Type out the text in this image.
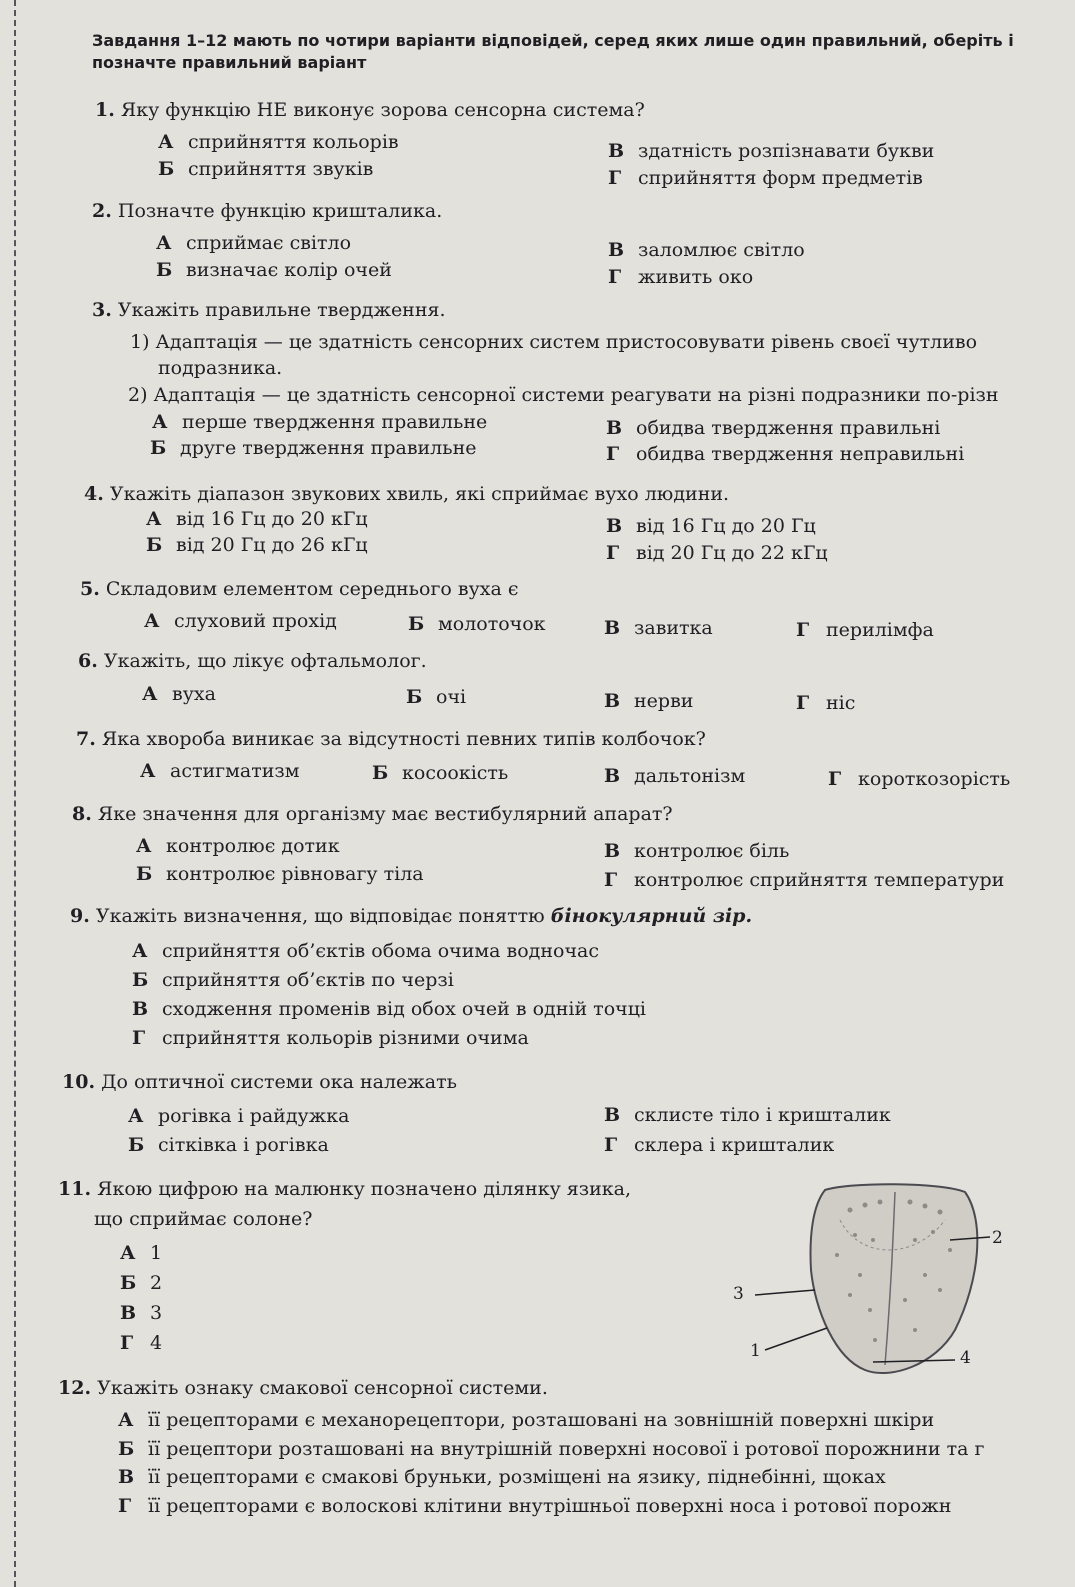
Завдання 1–12 мають по чотири варіанти відповідей, серед яких лише один правильний, оберіть і позначте правильний варіант
1. Яку функцію НЕ виконує зорова сенсорна система?
А сприйняття кольорів
Б сприйняття звуків
В здатність розпізнавати букви
Г сприйняття форм предметів
2. Позначте функцію кришталика.
А сприймає світло
Б визначає колір очей
В заломлює світло
Г живить око
3. Укажіть правильне твердження.
1) Адаптація — це здатність сенсорних систем пристосовувати рівень своєї чутливо
подразника.
2) Адаптація — це здатність сенсорної системи реагувати на різні подразники по-різн
А перше твердження правильне
Б друге твердження правильне
В обидва твердження правильні
Г обидва твердження неправильні
4. Укажіть діапазон звукових хвиль, які сприймає вухо людини.
А від 16 Гц до 20 кГц
Б від 20 Гц до 26 кГц
В від 16 Гц до 20 Гц
Г від 20 Гц до 22 кГц
5. Складовим елементом середнього вуха є
А слуховий прохід	Б молоточок	В завитка	Г перилімфа
6. Укажіть, що лікує офтальмолог.
А вуха	Б очі	В нерви	Г ніс
7. Яка хвороба виникає за відсутності певних типів колбочок?
А астигматизм	Б косоокість	В дальтонізм	Г короткозорість
8. Яке значення для організму має вестибулярний апарат?
А контролює дотик
Б контролює рівновагу тіла
В контролює біль
Г контролює сприйняття температури
9. Укажіть визначення, що відповідає поняттю бінокулярний зір.
А сприйняття об’єктів обома очима водночас
Б сприйняття об’єктів по черзі
В сходження променів від обох очей в одній точці
Г сприйняття кольорів різними очима
10. До оптичної системи ока належать
А рогівка і райдужка
Б сітківка і рогівка
В склисте тіло і кришталик
Г склера і кришталик
11. Якою цифрою на малюнку позначено ділянку язика,
що сприймає солоне?
А 1
Б 2
В 3
Г 4
2
3
1	4
12. Укажіть ознаку смакової сенсорної системи.
А її рецепторами є механорецептори, розташовані на зовнішній поверхні шкіри
Б її рецептори розташовані на внутрішній поверхні носової і ротової порожнини та г
В її рецепторами є смакові бруньки, розміщені на язику, піднебінні, щоках
Г її рецепторами є волоскові клітини внутрішньої поверхні носа і ротової порожн
